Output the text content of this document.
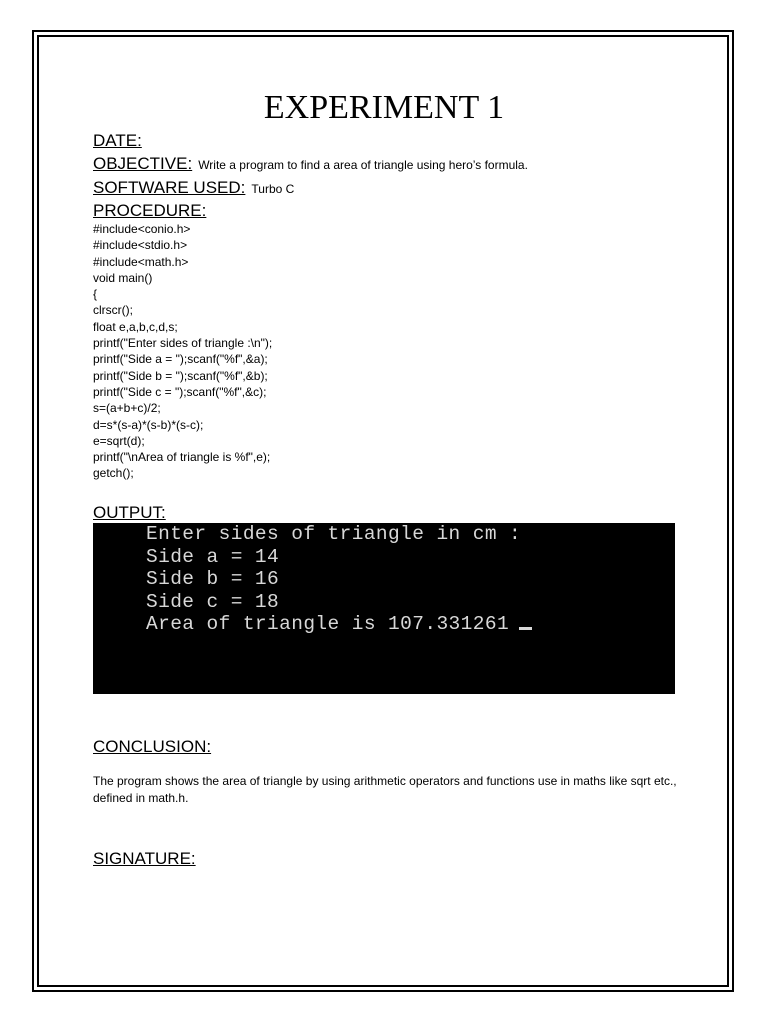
EXPERIMENT 1
DATE:
OBJECTIVE: Write a program to find a area of triangle using hero’s formula.
SOFTWARE USED: Turbo C
PROCEDURE:
#include<conio.h>
#include<stdio.h>
#include<math.h>
void main()
{
clrscr();
float e,a,b,c,d,s;
printf("Enter sides of triangle :\n");
printf("Side a = ");scanf("%f",&a);
printf("Side b = ");scanf("%f",&b);
printf("Side c = ");scanf("%f",&c);
s=(a+b+c)/2;
d=s*(s-a)*(s-b)*(s-c);
e=sqrt(d);
printf("\nArea of triangle is %f",e);
getch();
OUTPUT:
Enter sides of triangle in cm :
Side a = 14
Side b = 16
Side c = 18
Area of triangle is 107.331261
CONCLUSION:

The program shows the area of triangle by using arithmetic operators and functions use in maths like sqrt etc., defined in math.h.

SIGNATURE:
